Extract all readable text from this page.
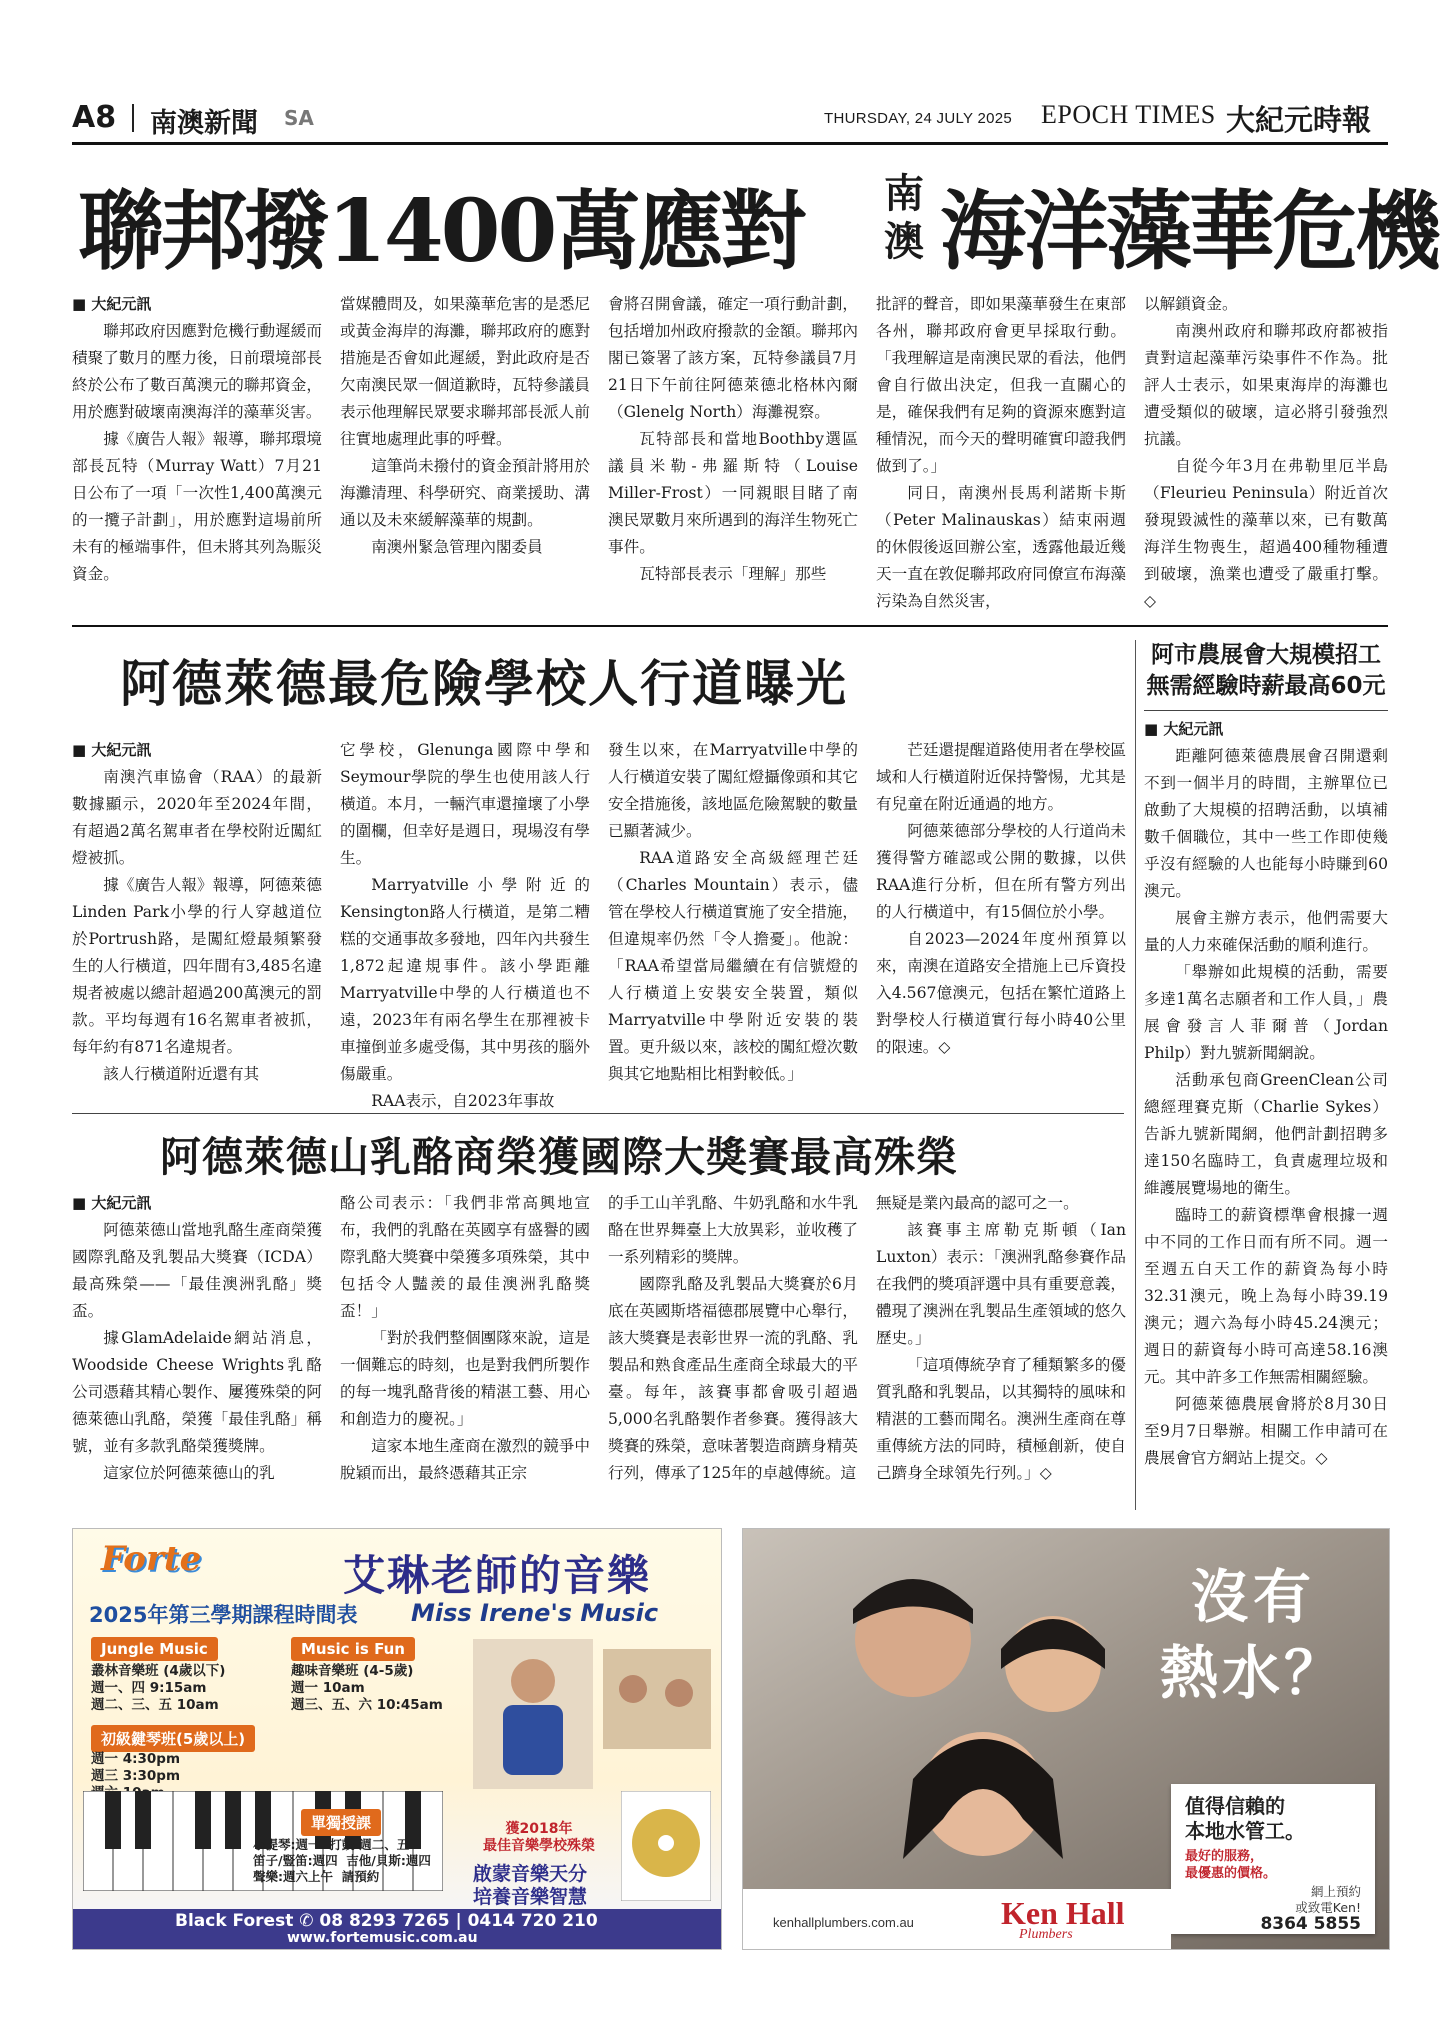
A8 南澳新聞 SA	THURSDAY, 24 JULY 2025 EPOCH TIMES 大紀元時報
聯邦撥1400萬應對 南澳 海洋藻華危機

■ 大紀元訊

聯邦政府因應對危機行動遲緩而積聚了數月的壓力後，日前環境部長終於公布了數百萬澳元的聯邦資金，用於應對破壞南澳海洋的藻華災害。

據《廣告人報》報導，聯邦環境部長瓦特（Murray Watt）7月21日公布了一項「一次性1,400萬澳元的一攬子計劃」，用於應對這場前所未有的極端事件，但未將其列為賑災資金。

當媒體問及，如果藻華危害的是悉尼或黃金海岸的海灘，聯邦政府的應對措施是否會如此遲緩，對此政府是否欠南澳民眾一個道歉時，瓦特參議員表示他理解民眾要求聯邦部長派人前往實地處理此事的呼聲。

這筆尚未撥付的資金預計將用於海灘清理、科學研究、商業援助、溝通以及未來緩解藻華的規劃。

南澳州緊急管理內閣委員

會將召開會議，確定一項行動計劃，包括增加州政府撥款的金額。聯邦內閣已簽署了該方案，瓦特參議員7月21日下午前往阿德萊德北格林內爾（Glenelg North）海灘視察。

瓦特部長和當地Boothby選區議員米勒-弗羅斯特（Louise Miller-Frost）一同親眼目睹了南澳民眾數月來所遇到的海洋生物死亡事件。

瓦特部長表示「理解」那些

批評的聲音，即如果藻華發生在東部各州，聯邦政府會更早採取行動。「我理解這是南澳民眾的看法，他們會自行做出決定，但我一直關心的是，確保我們有足夠的資源來應對這種情況，而今天的聲明確實印證我們做到了。」

同日，南澳州長馬利諾斯卡斯（Peter Malinauskas）結束兩週的休假後返回辦公室，透露他最近幾天一直在敦促聯邦政府同僚宣布海藻污染為自然災害，

以解鎖資金。

南澳州政府和聯邦政府都被指責對這起藻華污染事件不作為。批評人士表示，如果東海岸的海灘也遭受類似的破壞，這必將引發強烈抗議。

自從今年3月在弗勒里厄半島（Fleurieu Peninsula）附近首次發現毀滅性的藻華以來，已有數萬海洋生物喪生，超過400種物種遭到破壞，漁業也遭受了嚴重打擊。◇

阿德萊德最危險學校人行道曝光

■ 大紀元訊

南澳汽車協會（RAA）的最新數據顯示，2020年至2024年間，有超過2萬名駕車者在學校附近闖紅燈被抓。

據《廣告人報》報導，阿德萊德Linden Park小學的行人穿越道位於Portrush路，是闖紅燈最頻繁發生的人行橫道，四年間有3,485名違規者被處以總計超過200萬澳元的罰款。平均每週有16名駕車者被抓，每年約有871名違規者。

該人行橫道附近還有其

它學校，Glenunga國際中學和Seymour學院的學生也使用該人行橫道。本月，一輛汽車還撞壞了小學的圍欄，但幸好是週日，現場沒有學生。

Marryatville小學附近的Kensington路人行橫道，是第二糟糕的交通事故多發地，四年內共發生1,872起違規事件。該小學距離Marryatville中學的人行橫道也不遠，2023年有兩名學生在那裡被卡車撞倒並多處受傷，其中男孩的腦外傷嚴重。

RAA表示，自2023年事故

發生以來，在Marryatville中學的人行橫道安裝了闖紅燈攝像頭和其它安全措施後，該地區危險駕駛的數量已顯著減少。

RAA道路安全高級經理芒廷（Charles Mountain）表示，儘管在學校人行橫道實施了安全措施，但違規率仍然「令人擔憂」。他說：「RAA希望當局繼續在有信號燈的人行橫道上安裝安全裝置，類似Marryatville中學附近安裝的裝置。更升級以來，該校的闖紅燈次數與其它地點相比相對較低。」

芒廷還提醒道路使用者在學校區域和人行橫道附近保持警惕，尤其是有兒童在附近通過的地方。

阿德萊德部分學校的人行道尚未獲得警方確認或公開的數據，以供RAA進行分析，但在所有警方列出的人行橫道中，有15個位於小學。

自2023—2024年度州預算以來，南澳在道路安全措施上已斥資投入4.567億澳元，包括在繁忙道路上對學校人行橫道實行每小時40公里的限速。◇

阿德萊德山乳酪商榮獲國際大獎賽最高殊榮

■ 大紀元訊

阿德萊德山當地乳酪生產商榮獲國際乳酪及乳製品大獎賽（ICDA）最高殊榮——「最佳澳洲乳酪」獎盃。

據GlamAdelaide網站消息，Woodside Cheese Wrights乳酪公司憑藉其精心製作、屢獲殊榮的阿德萊德山乳酪，榮獲「最佳乳酪」稱號，並有多款乳酪榮獲獎牌。

這家位於阿德萊德山的乳

酪公司表示：「我們非常高興地宣布，我們的乳酪在英國享有盛譽的國際乳酪大獎賽中榮獲多項殊榮，其中包括令人豔羨的最佳澳洲乳酪獎盃！」

「對於我們整個團隊來說，這是一個難忘的時刻，也是對我們所製作的每一塊乳酪背後的精湛工藝、用心和創造力的慶祝。」

這家本地生產商在激烈的競爭中脫穎而出，最終憑藉其正宗

的手工山羊乳酪、牛奶乳酪和水牛乳酪在世界舞臺上大放異彩，並收穫了一系列精彩的獎牌。

國際乳酪及乳製品大獎賽於6月底在英國斯塔福德郡展覽中心舉行，該大獎賽是表彰世界一流的乳酪、乳製品和熟食產品生產商全球最大的平臺。每年，該賽事都會吸引超過5,000名乳酪製作者參賽。獲得該大獎賽的殊榮，意味著製造商躋身精英行列，傳承了125年的卓越傳統。這

無疑是業內最高的認可之一。

該賽事主席勒克斯頓（Ian Luxton）表示：「澳洲乳酪參賽作品在我們的獎項評選中具有重要意義，體現了澳洲在乳製品生產領域的悠久歷史。」

「這項傳統孕育了種類繁多的優質乳酪和乳製品，以其獨特的風味和精湛的工藝而聞名。澳洲生產商在尊重傳統方法的同時，積極創新，使自己躋身全球領先行列。」◇

阿市農展會大規模招工
無需經驗時薪最高60元

■ 大紀元訊

距離阿德萊德農展會召開還剩不到一個半月的時間，主辦單位已啟動了大規模的招聘活動，以填補數千個職位，其中一些工作即使幾乎沒有經驗的人也能每小時賺到60澳元。

展會主辦方表示，他們需要大量的人力來確保活動的順利進行。

「舉辦如此規模的活動，需要多達1萬名志願者和工作人員，」農展會發言人菲爾普（Jordan Philp）對九號新聞網說。

活動承包商GreenClean公司總經理賽克斯（Charlie Sykes）告訴九號新聞網，他們計劃招聘多達150名臨時工，負責處理垃圾和維護展覽場地的衛生。

臨時工的薪資標準會根據一週中不同的工作日而有所不同。週一至週五白天工作的薪資為每小時32.31澳元，晚上為每小時39.19澳元；週六為每小時45.24澳元；週日的薪資每小時可高達58.16澳元。其中許多工作無需相關經驗。

阿德萊德農展會將於8月30日至9月7日舉辦。相關工作申請可在農展會官方網站上提交。◇

Forte	艾琳老師的音樂
2025年第三學期課程時間表 Miss Irene's Music
Jungle Music
叢林音樂班 (4歲以下)
週一、四 9:15am
週二、三、五 10am
Music is Fun
趣味音樂班 (4-5歲)
週一 10am
週三、五、六 10:45am
初級鍵琴班(5歲以上)
週一 4:30pm
週三 3:30pm

單獨授課
小提琴:週一  打鼓:週二、五
笛子/豎笛:週四  吉他/貝斯:週四
聲樂:週六上午  請預約
獲2018年
最佳音樂學校殊榮
啟蒙音樂天分
培養音樂智慧
Black Forest ✆ 08 8293 7265 | 0414 720 210
www.fortemusic.com.au
沒有
熱水？
值得信賴的
本地水管工。
最好的服務，
最優惠的價格。
網上預約
或致電Ken!
8364 5855
kenhallplumbers.com.au	Ken Hall
Plumbers
